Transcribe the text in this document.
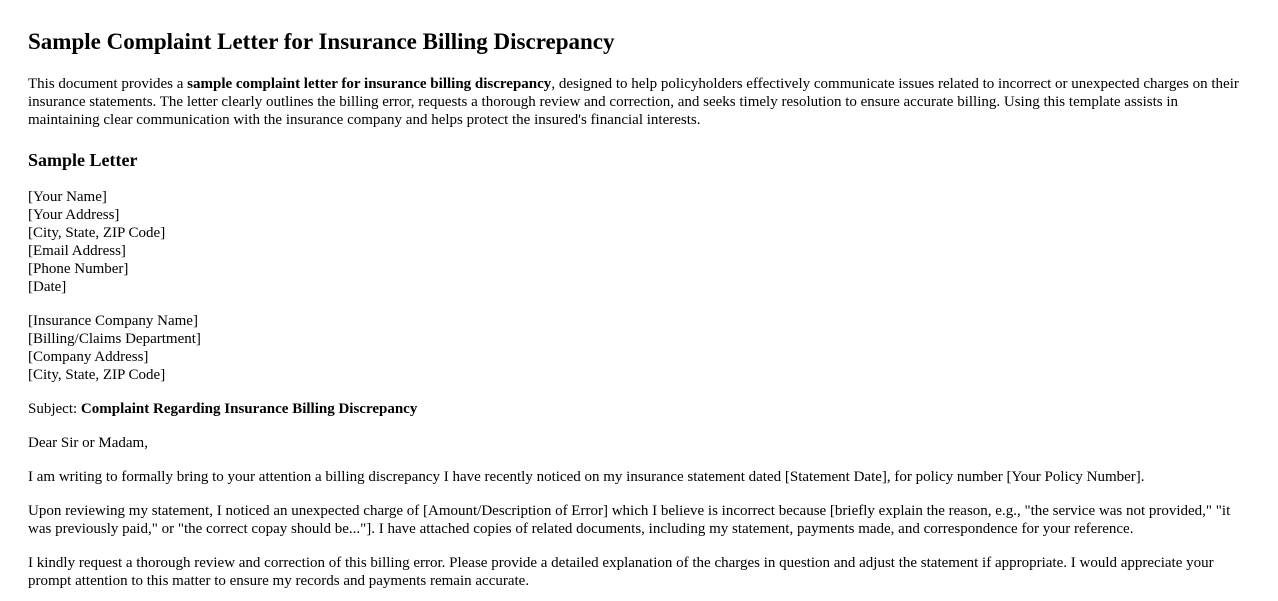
Sample Complaint Letter for Insurance Billing Discrepancy

This document provides a sample complaint letter for insurance billing discrepancy, designed to help policyholders effectively communicate issues related to incorrect or unexpected charges on their insurance statements. The letter clearly outlines the billing error, requests a thorough review and correction, and seeks timely resolution to ensure accurate billing. Using this template assists in maintaining clear communication with the insurance company and helps protect the insured's financial interests.

Sample Letter
[Your Name]
[Your Address]
[City, State, ZIP Code]
[Email Address]
[Phone Number]
[Date]
[Insurance Company Name]
[Billing/Claims Department]
[Company Address]
[City, State, ZIP Code]

Subject: Complaint Regarding Insurance Billing Discrepancy

Dear Sir or Madam,

I am writing to formally bring to your attention a billing discrepancy I have recently noticed on my insurance statement dated [Statement Date], for policy number [Your Policy Number].

Upon reviewing my statement, I noticed an unexpected charge of [Amount/Description of Error] which I believe is incorrect because [briefly explain the reason, e.g., "the service was not provided," "it was previously paid," or "the correct copay should be..."]. I have attached copies of related documents, including my statement, payments made, and correspondence for your reference.

I kindly request a thorough review and correction of this billing error. Please provide a detailed explanation of the charges in question and adjust the statement if appropriate. I would appreciate your prompt attention to this matter to ensure my records and payments remain accurate.
